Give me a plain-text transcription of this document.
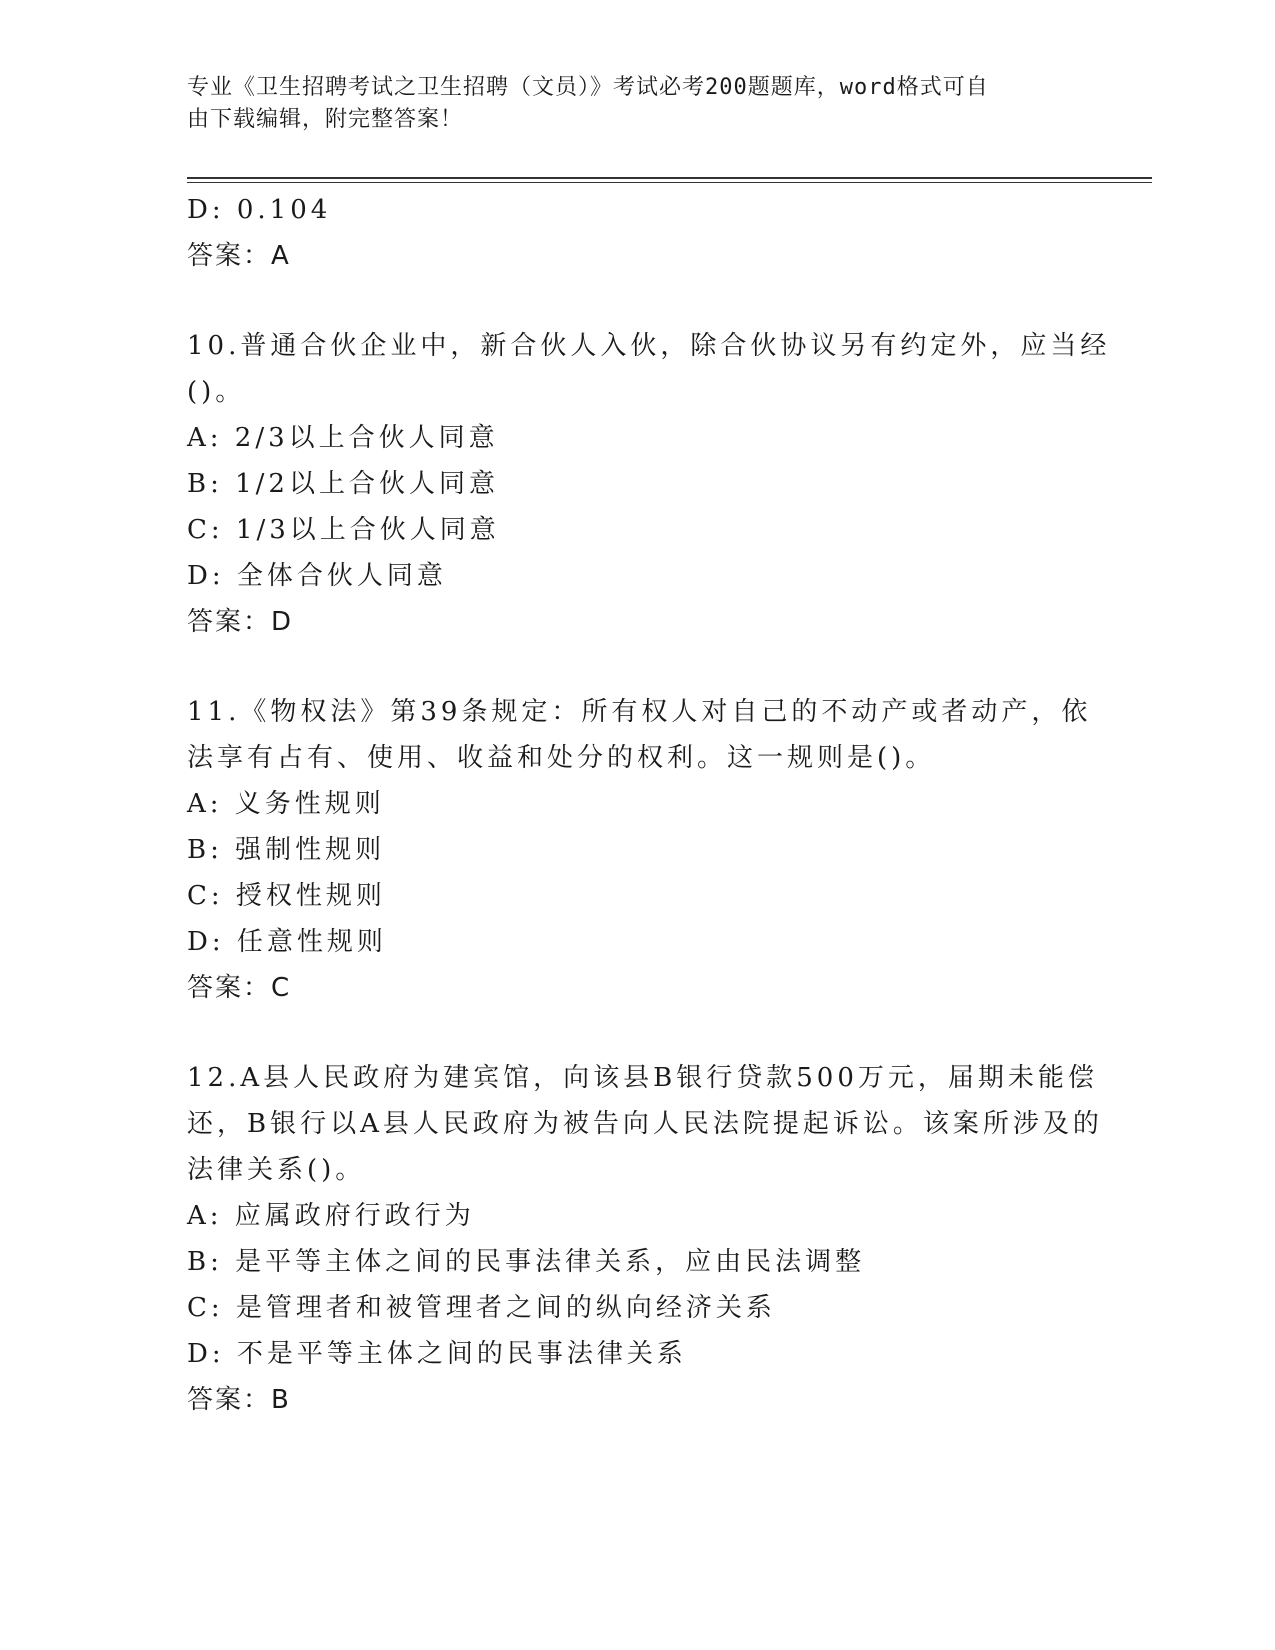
专业《卫生招聘考试之卫生招聘（文员）》考试必考200题题库，word格式可自
由下载编辑，附完整答案！
D: 0.104
答案：A
10.普通合伙企业中，新合伙人入伙，除合伙协议另有约定外，应当经
()。
A: 2/3以上合伙人同意
B: 1/2以上合伙人同意
C: 1/3以上合伙人同意
D: 全体合伙人同意
答案：D
11.《物权法》第39条规定：所有权人对自己的不动产或者动产，依
法享有占有、使用、收益和处分的权利。这一规则是()。
A: 义务性规则
B: 强制性规则
C: 授权性规则
D: 任意性规则
答案：C
12.A县人民政府为建宾馆，向该县B银行贷款500万元，届期未能偿
还，B银行以A县人民政府为被告向人民法院提起诉讼。该案所涉及的
法律关系()。
A: 应属政府行政行为
B: 是平等主体之间的民事法律关系，应由民法调整
C: 是管理者和被管理者之间的纵向经济关系
D: 不是平等主体之间的民事法律关系
答案：B
